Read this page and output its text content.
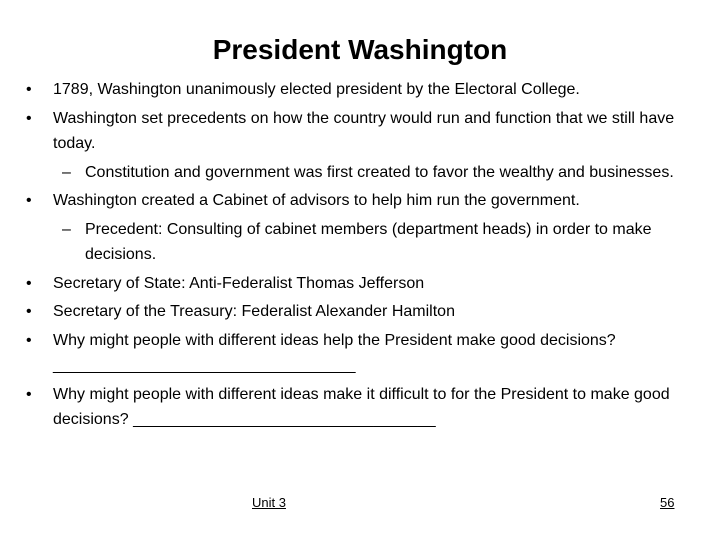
President Washington
•	1789, Washington unanimously elected president by the Electoral College.
•	Washington set precedents on how the country would run and function that we still have today.
– Constitution and government was first created to favor the wealthy and businesses.
•	Washington created a Cabinet of advisors to help him run the government.
– Precedent: Consulting of cabinet members (department heads) in order to make decisions.
•	Secretary of State: Anti-Federalist Thomas Jefferson
•	Secretary of the Treasury: Federalist Alexander Hamilton
•	Why might people with different ideas help the President make good decisions?
__________________________________
•	Why might people with different ideas make it difficult to for the President to make good decisions? __________________________________
Unit 3	56
